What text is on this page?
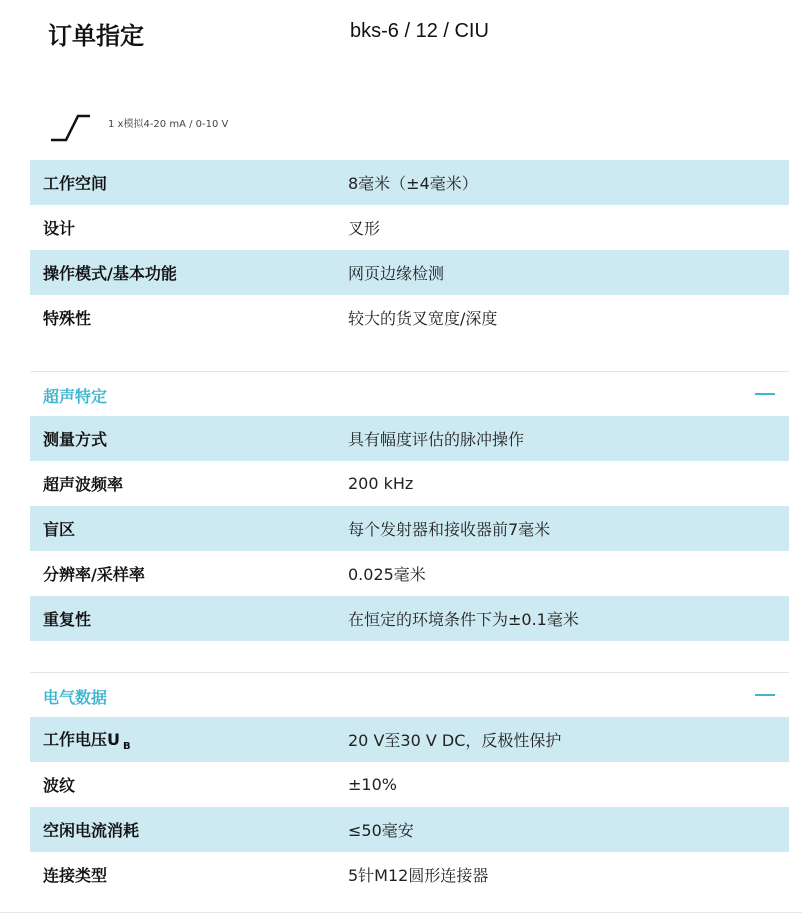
订单指定	bks-6 / 12 / CIU
1 x模拟4-20 mA / 0-10 V
工作空间	8毫米（±4毫米）
设计	叉形
操作模式/基本功能	网页边缘检测
特殊性	较大的货叉宽度/深度
超声特定
测量方式	具有幅度评估的脉冲操作
超声波频率	200 kHz
盲区	每个发射器和接收器前7毫米
分辨率/采样率	0.025毫米
重复性	在恒定的环境条件下为±0.1毫米
电气数据
工作电压U $_B$	20 V至30 V DC，反极性保护
波纹	±10%
空闲电流消耗	≤50毫安
连接类型	5针M12圆形连接器
